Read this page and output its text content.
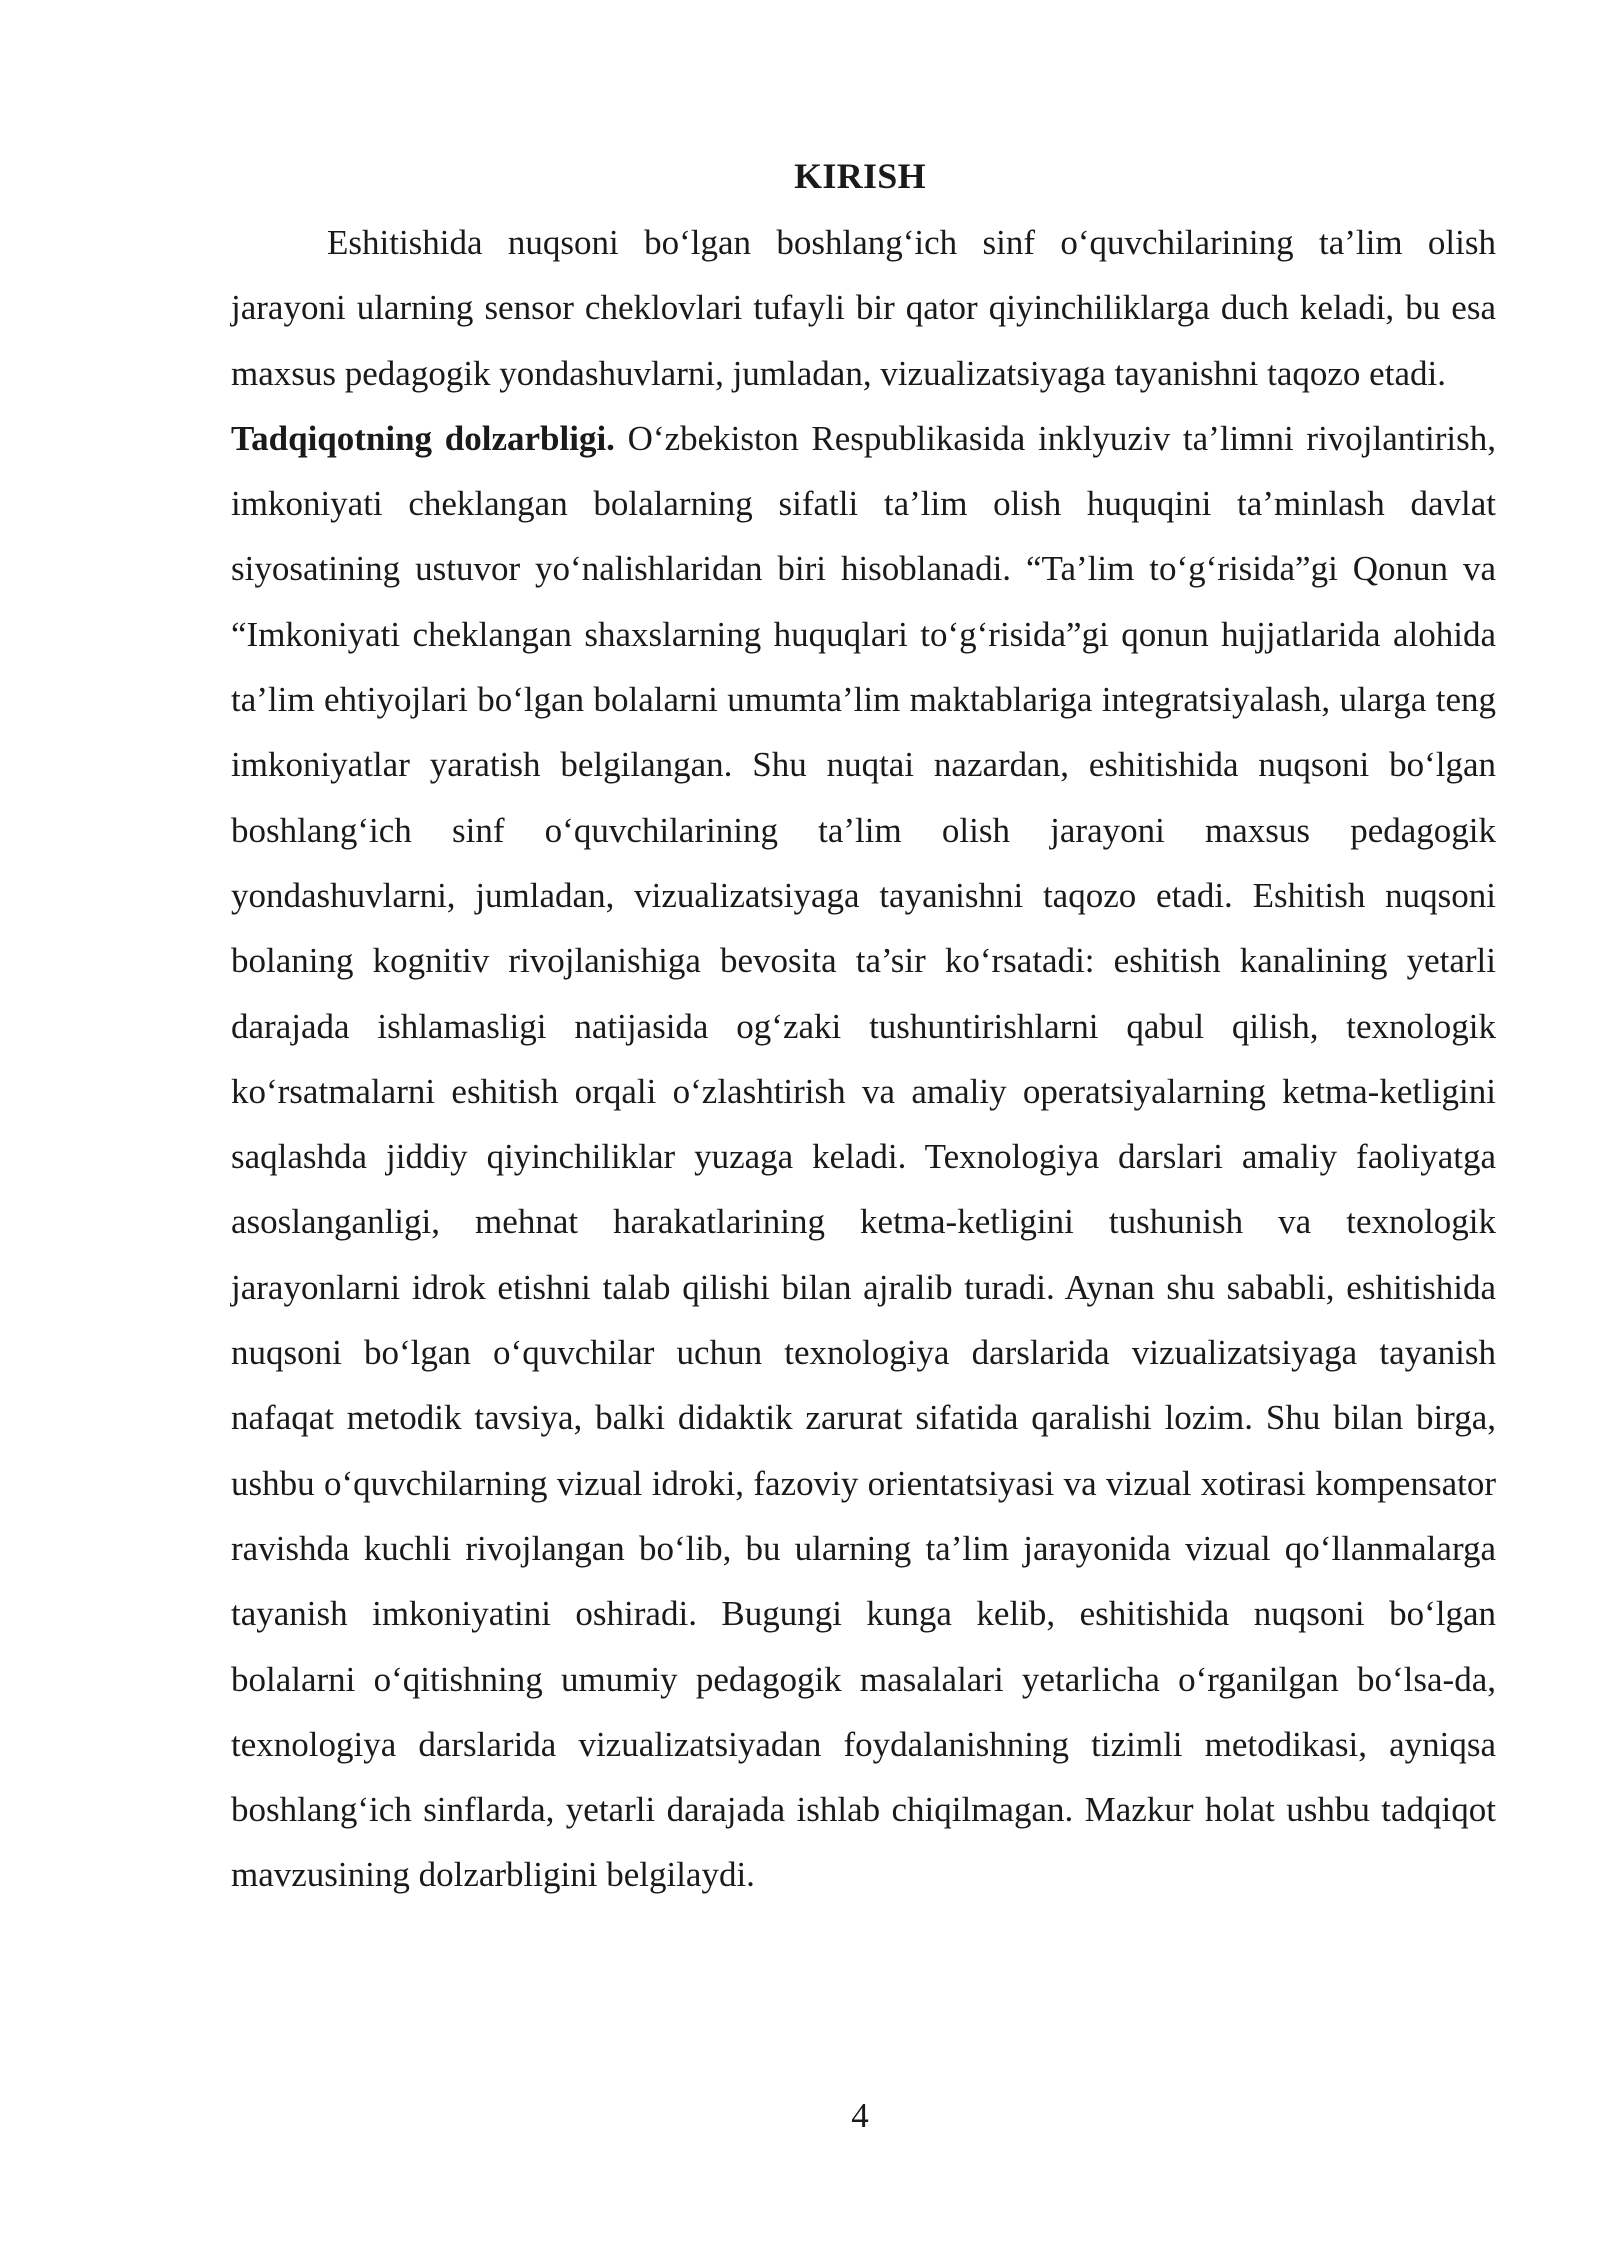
KIRISH

Eshitishida nuqsoni bo‘lgan boshlang‘ich sinf o‘quvchilarining ta’lim olish jarayoni ularning sensor cheklovlari tufayli bir qator qiyinchiliklarga duch keladi, bu esa maxsus pedagogik yondashuvlarni, jumladan, vizualizatsiyaga tayanishni taqozo etadi.

Tadqiqotning dolzarbligi. O‘zbekiston Respublikasida inklyuziv ta’limni rivojlantirish, imkoniyati cheklangan bolalarning sifatli ta’lim olish huquqini ta’minlash davlat siyosatining ustuvor yo‘nalishlaridan biri hisoblanadi. “Ta’lim to‘g‘risida”gi Qonun va “Imkoniyati cheklangan shaxslarning huquqlari to‘g‘risida”gi qonun hujjatlarida alohida ta’lim ehtiyojlari bo‘lgan bolalarni umumta’lim maktablariga integratsiyalash, ularga teng imkoniyatlar yaratish belgilangan. Shu nuqtai nazardan, eshitishida nuqsoni bo‘lgan boshlang‘ich sinf o‘quvchilarining ta’lim olish jarayoni maxsus pedagogik yondashuvlarni, jumladan, vizualizatsiyaga tayanishni taqozo etadi. Eshitish nuqsoni bolaning kognitiv rivojlanishiga bevosita ta’sir ko‘rsatadi: eshitish kanalining yetarli darajada ishlamasligi natijasida og‘zaki tushuntirishlarni qabul qilish, texnologik ko‘rsatmalarni eshitish orqali o‘zlashtirish va amaliy operatsiyalarning ketma-ketligini saqlashda jiddiy qiyinchiliklar yuzaga keladi. Texnologiya darslari amaliy faoliyatga asoslanganligi, mehnat harakatlarining ketma-ketligini tushunish va texnologik jarayonlarni idrok etishni talab qilishi bilan ajralib turadi. Aynan shu sababli, eshitishida nuqsoni bo‘lgan o‘quvchilar uchun texnologiya darslarida vizualizatsiyaga tayanish nafaqat metodik tavsiya, balki didaktik zarurat sifatida qaralishi lozim. Shu bilan birga, ushbu o‘quvchilarning vizual idroki, fazoviy orientatsiyasi va vizual xotirasi kompensator ravishda kuchli rivojlangan bo‘lib, bu ularning ta’lim jarayonida vizual qo‘llanmalarga tayanish imkoniyatini oshiradi. Bugungi kunga kelib, eshitishida nuqsoni bo‘lgan bolalarni o‘qitishning umumiy pedagogik masalalari yetarlicha o‘rganilgan bo‘lsa-da, texnologiya darslarida vizualizatsiyadan foydalanishning tizimli metodikasi, ayniqsa boshlang‘ich sinflarda, yetarli darajada ishlab chiqilmagan. Mazkur holat ushbu tadqiqot mavzusining dolzarbligini belgilaydi.

4
